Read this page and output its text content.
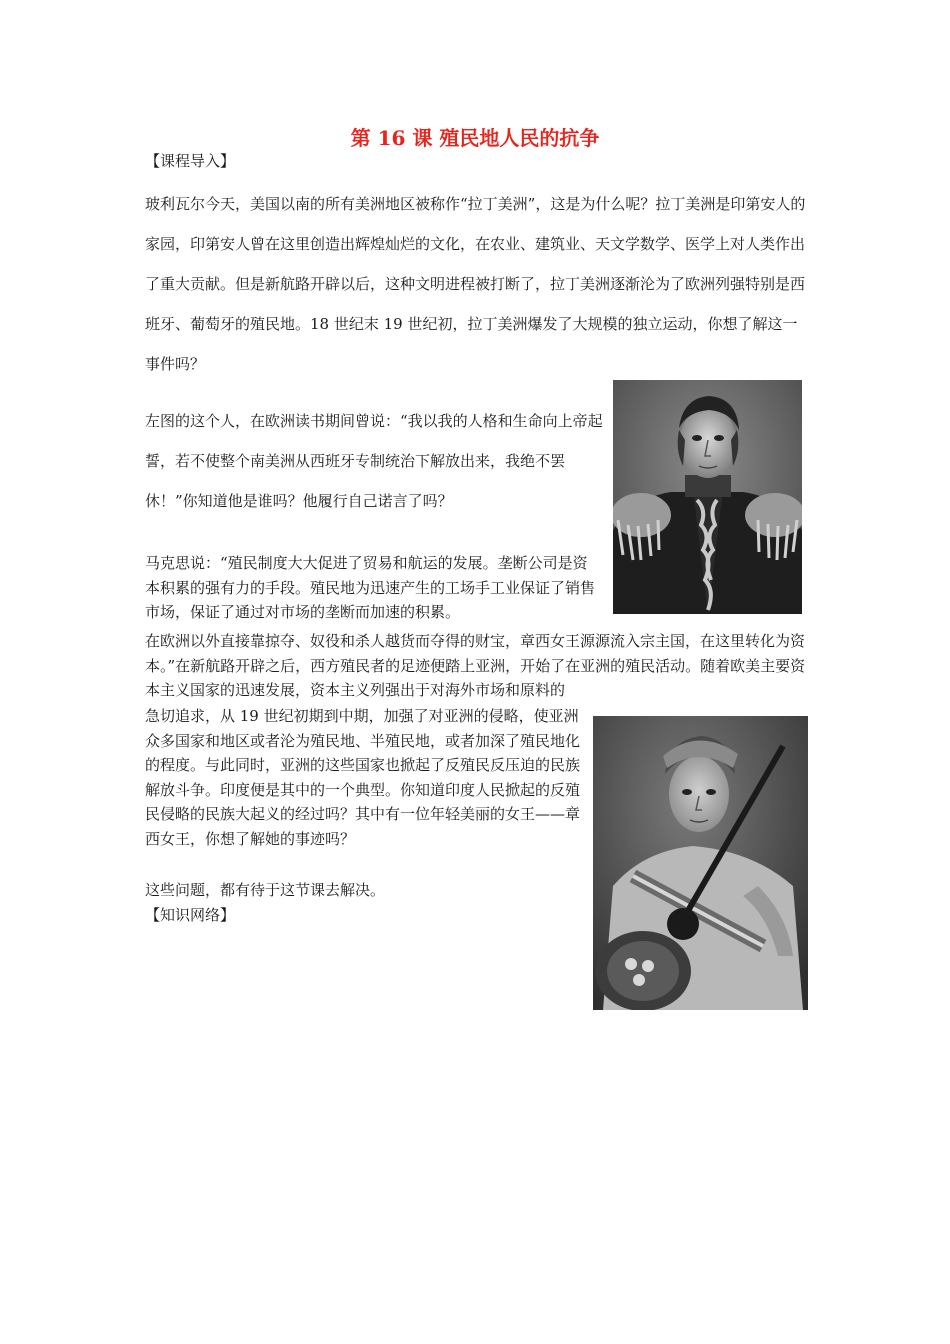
第 16 课 殖民地人民的抗争
【课程导入】

玻利瓦尔今天，美国以南的所有美洲地区被称作“拉丁美洲”，这是为什么呢？拉丁美洲是印第安人的家园，印第安人曾在这里创造出辉煌灿烂的文化，在农业、建筑业、天文学数学、医学上对人类作出了重大贡献。但是新航路开辟以后，这种文明进程被打断了，拉丁美洲逐渐沦为了欧洲列强特别是西班牙、葡萄牙的殖民地。18 世纪末 19 世纪初，拉丁美洲爆发了大规模的独立运动，你想了解这一事件吗？

左图的这个人，在欧洲读书期间曾说：“我以我的人格和生命向上帝起誓，若不使整个南美洲从西班牙专制统治下解放出来，我绝不罢休！”你知道他是谁吗？他履行自己诺言了吗？

马克思说：“殖民制度大大促进了贸易和航运的发展。垄断公司是资本积累的强有力的手段。殖民地为迅速产生的工场手工业保证了销售市场，保证了通过对市场的垄断而加速的积累。

在欧洲以外直接靠掠夺、奴役和杀人越货而夺得的财宝，章西女王源源流入宗主国，在这里转化为资本。”在新航路开辟之后，西方殖民者的足迹便踏上亚洲，开始了在亚洲的殖民活动。随着欧美主要资本主义国家的迅速发展，资本主义列强出于对海外市场和原料的

急切追求，从 19 世纪初期到中期，加强了对亚洲的侵略，使亚洲众多国家和地区或者沦为殖民地、半殖民地，或者加深了殖民地化的程度。与此同时，亚洲的这些国家也掀起了反殖民反压迫的民族解放斗争。印度便是其中的一个典型。你知道印度人民掀起的反殖民侵略的民族大起义的经过吗？其中有一位年轻美丽的女王——章西女王，你想了解她的事迹吗？

这些问题，都有待于这节课去解决。

【知识网络】
